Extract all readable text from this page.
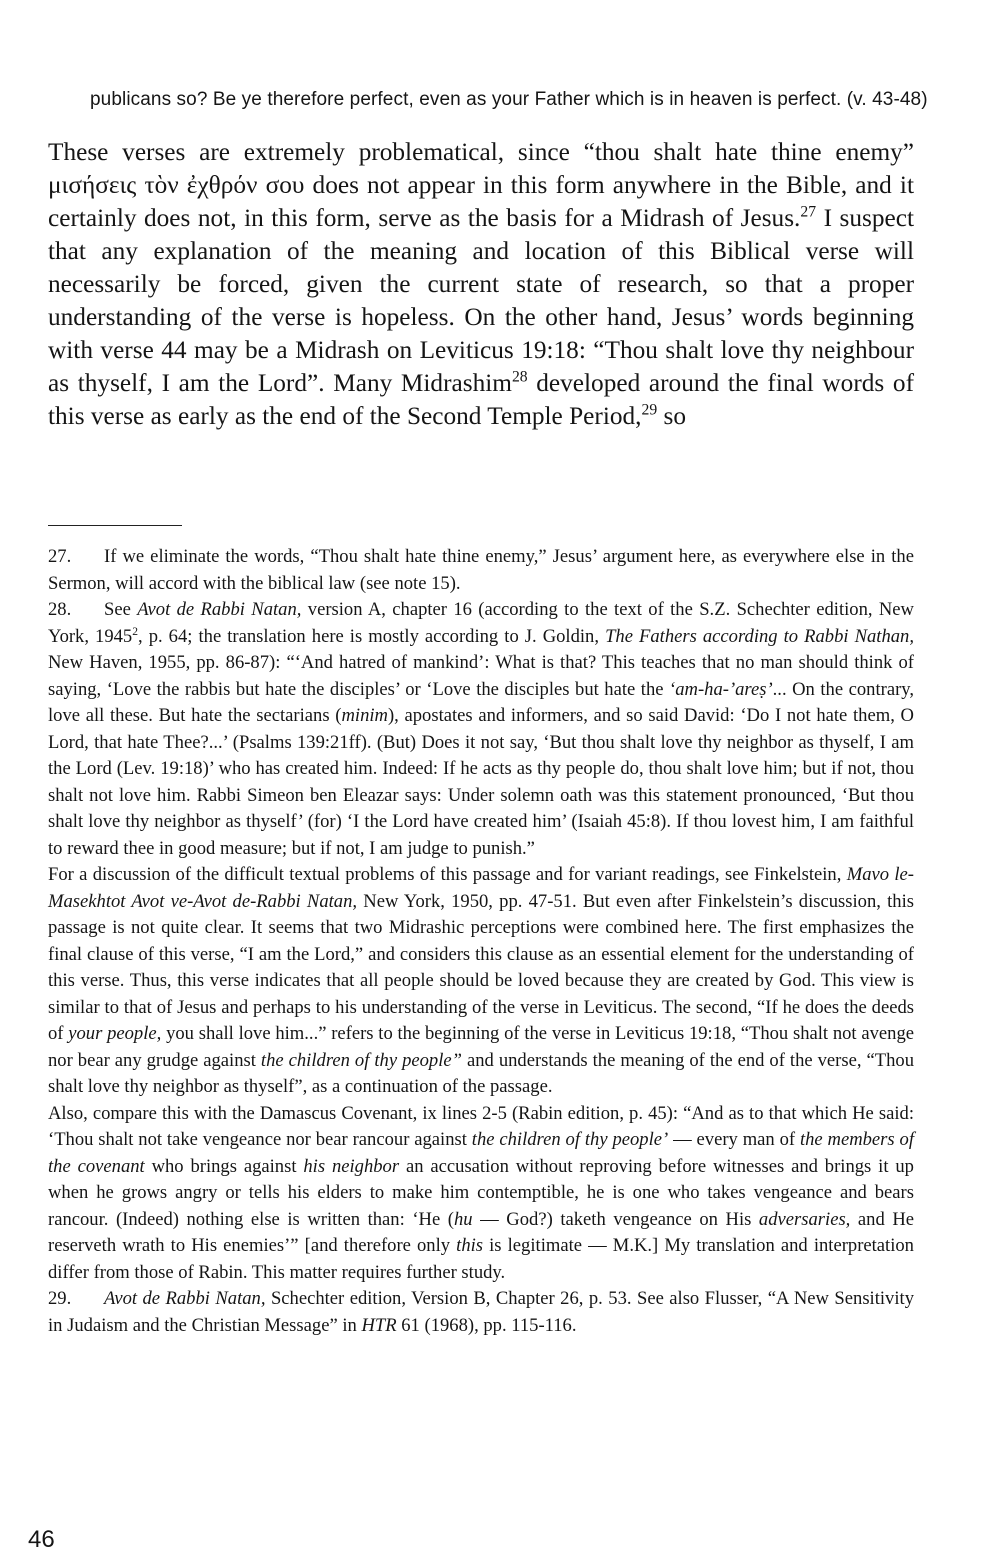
publicans so? Be ye therefore perfect, even as your Father which is in heaven is perfect. (v. 43-48)
These verses are extremely problematical, since “thou shalt hate thine enemy” μισήσεις τὸν ἐχθρόν σου does not appear in this form anywhere in the Bible, and it certainly does not, in this form, serve as the basis for a Midrash of Jesus.$^{27}$ I suspect that any explanation of the meaning and location of this Biblical verse will necessarily be forced, given the current state of research, so that a proper understanding of the verse is hopeless. On the other hand, Jesus’ words beginning with verse 44 may be a Midrash on Leviticus 19:18: “Thou shalt love thy neighbour as thyself, I am the Lord”. Many Midrashim$^{28}$ developed around the final words of this verse as early as the end of the Second Temple Period,$^{29}$ so

27. If we eliminate the words, “Thou shalt hate thine enemy,” Jesus’ argument here, as everywhere else in the Sermon, will accord with the biblical law (see note 15).

28. See Avot de Rabbi Natan, version A, chapter 16 (according to the text of the S.Z. Schechter edition, New York, 1945$^2$, p. 64; the translation here is mostly according to J. Goldin, The Fathers according to Rabbi Nathan, New Haven, 1955, pp. 86-87): “‘And hatred of mankind’: What is that? This teaches that no man should think of saying, ‘Love the rabbis but hate the disciples’ or ‘Love the disciples but hate the ‘am-ha-’areṣ’... On the contrary, love all these. But hate the sectarians (minim), apostates and informers, and so said David: ‘Do I not hate them, O Lord, that hate Thee?...’ (Psalms 139:21ff). (But) Does it not say, ‘But thou shalt love thy neighbor as thyself, I am the Lord (Lev. 19:18)’ who has created him. Indeed: If he acts as thy people do, thou shalt love him; but if not, thou shalt not love him. Rabbi Simeon ben Eleazar says: Under solemn oath was this statement pronounced, ‘But thou shalt love thy neighbor as thyself’ (for) ‘I the Lord have created him’ (Isaiah 45:8). If thou lovest him, I am faithful to reward thee in good measure; but if not, I am judge to punish.”

For a discussion of the difficult textual problems of this passage and for variant readings, see Finkelstein, Mavo le-Masekhtot Avot ve-Avot de-Rabbi Natan, New York, 1950, pp. 47-51. But even after Finkelstein’s discussion, this passage is not quite clear. It seems that two Midrashic perceptions were combined here. The first emphasizes the final clause of this verse, “I am the Lord,” and considers this clause as an essential element for the understanding of this verse. Thus, this verse indicates that all people should be loved because they are created by God. This view is similar to that of Jesus and perhaps to his understanding of the verse in Leviticus. The second, “If he does the deeds of your people, you shall love him...” refers to the beginning of the verse in Leviticus 19:18, “Thou shalt not avenge nor bear any grudge against the children of thy people” and understands the meaning of the end of the verse, “Thou shalt love thy neighbor as thyself”, as a continuation of the passage.

Also, compare this with the Damascus Covenant, ix lines 2-5 (Rabin edition, p. 45): “And as to that which He said: ‘Thou shalt not take vengeance nor bear rancour against the children of thy people’ — every man of the members of the covenant who brings against his neighbor an accusation without reproving before witnesses and brings it up when he grows angry or tells his elders to make him contemptible, he is one who takes vengeance and bears rancour. (Indeed) nothing else is written than: ‘He (hu — God?) taketh vengeance on His adversaries, and He reserveth wrath to His enemies’” [and therefore only this is legitimate — M.K.] My translation and interpretation differ from those of Rabin. This matter requires further study.

29. Avot de Rabbi Natan, Schechter edition, Version B, Chapter 26, p. 53. See also Flusser, “A New Sensitivity in Judaism and the Christian Message” in HTR 61 (1968), pp. 115-116.

46
